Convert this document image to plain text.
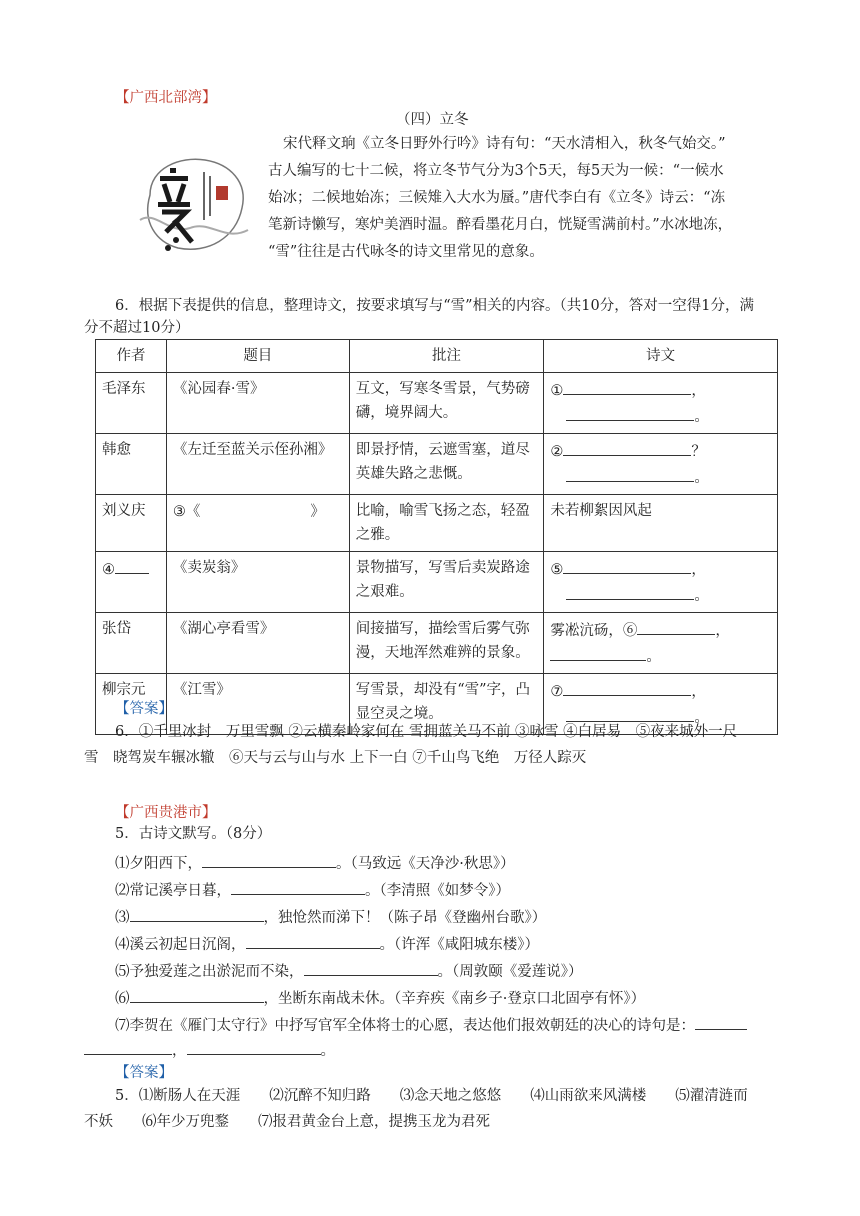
【广西北部湾】
（四）立冬
宋代释文珦《立冬日野外行吟》诗有句：“天水清相入，秋冬气始交。”
古人编写的七十二候，将立冬节气分为3个5天，每5天为一候：“一候水
始冰；二候地始冻；三候雉入大水为蜃。”唐代李白有《立冬》诗云：“冻
笔新诗懒写，寒炉美酒时温。醉看墨花月白，恍疑雪满前村。”水冰地冻，
“雪”往往是古代咏冬的诗文里常见的意象。
6．根据下表提供的信息，整理诗文，按要求填写与“雪”相关的内容。（共10分，答对一空得1分，满
分不超过10分）
作者	题目	批注	诗文
毛泽东	《沁园春·雪》	互文，写寒冬雪景，气势磅
礴，境界阔大。	① ，
。
韩愈	《左迁至蓝关示侄孙湘》	即景抒情，云遮雪塞，道尽
英雄失路之悲慨。	② ？
。
刘义庆	③《 》	比喻，喻雪飞扬之态，轻盈
之雅。	未若柳絮因风起
④	《卖炭翁》	景物描写，写雪后卖炭路途
之艰难。	⑤ ，
。
张岱	《湖心亭看雪》	间接描写，描绘雪后雾气弥
漫，天地浑然难辨的景象。	雾凇沆砀，⑥ ，
。
柳宗元	《江雪》	写雪景，却没有“雪”字，凸
显空灵之境。	⑦ ，
。
【答案】
6．①千里冰封　万里雪飘 ②云横秦岭家何在 雪拥蓝关马不前 ③咏雪 ④白居易　⑤夜来城外一尺
雪　晓驾炭车辗冰辙　⑥天与云与山与水 上下一白 ⑦千山鸟飞绝　万径人踪灭
【广西贵港市】
5．古诗文默写。（8分）
⑴夕阳西下，	。（马致远《天净沙·秋思》）
⑵常记溪亭日暮，	。（李清照《如梦令》）
⑶	，独怆然而涕下！（陈子昂《登幽州台歌》）
⑷溪云初起日沉阁，	。（许浑《咸阳城东楼》）
⑸予独爱莲之出淤泥而不染，	。（周敦颐《爱莲说》）
⑹	，坐断东南战未休。（辛弃疾《南乡子·登京口北固亭有怀》）
⑺李贺在《雁门太守行》中抒写官军全体将士的心愿，表达他们报效朝廷的决心的诗句是：
，	。
【答案】
5．⑴断肠人在天涯　　⑵沉醉不知归路　　⑶念天地之悠悠　　⑷山雨欲来风满楼　　⑸濯清涟而
不妖　　⑹年少万兜鍪　　⑺报君黄金台上意，提携玉龙为君死
